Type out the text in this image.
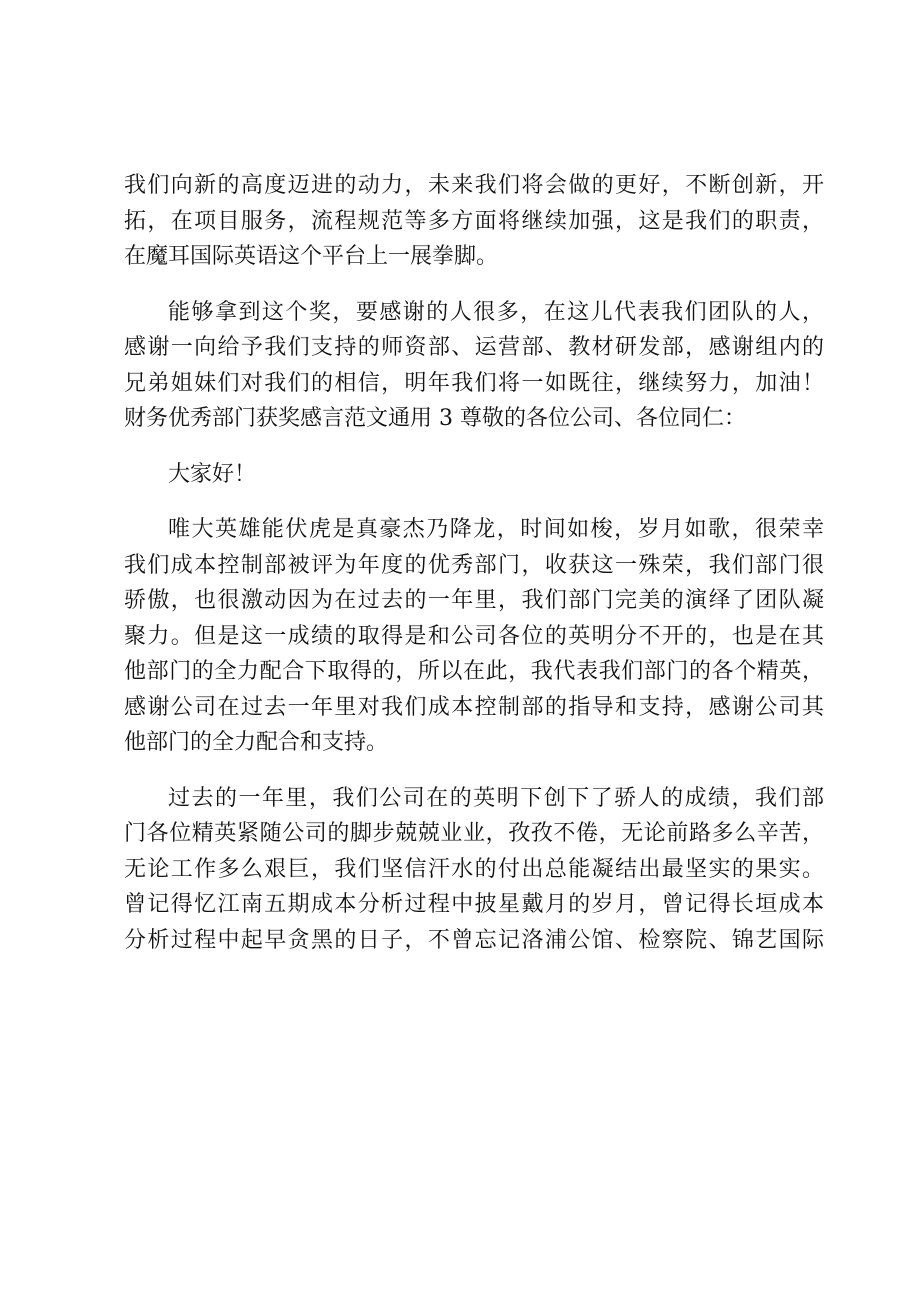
我们向新的高度迈进的动力，未来我们将会做的更好，不断创新，开
拓，在项目服务，流程规范等多方面将继续加强，这是我们的职责，
在魔耳国际英语这个平台上一展拳脚。
能够拿到这个奖，要感谢的人很多，在这儿代表我们团队的人，
感谢一向给予我们支持的师资部、运营部、教材研发部，感谢组内的
兄弟姐妹们对我们的相信，明年我们将一如既往，继续努力，加油！
财务优秀部门获奖感言范文通用 3 尊敬的各位公司、各位同仁：
大家好！
唯大英雄能伏虎是真豪杰乃降龙，时间如梭，岁月如歌，很荣幸
我们成本控制部被评为年度的优秀部门，收获这一殊荣，我们部门很
骄傲，也很激动因为在过去的一年里，我们部门完美的演绎了团队凝
聚力。但是这一成绩的取得是和公司各位的英明分不开的，也是在其
他部门的全力配合下取得的，所以在此，我代表我们部门的各个精英，
感谢公司在过去一年里对我们成本控制部的指导和支持，感谢公司其
他部门的全力配合和支持。
过去的一年里，我们公司在的英明下创下了骄人的成绩，我们部
门各位精英紧随公司的脚步兢兢业业，孜孜不倦，无论前路多么辛苦，
无论工作多么艰巨，我们坚信汗水的付出总能凝结出最坚实的果实。
曾记得忆江南五期成本分析过程中披星戴月的岁月，曾记得长垣成本
分析过程中起早贪黑的日子，不曾忘记洛浦公馆、检察院、锦艺国际
